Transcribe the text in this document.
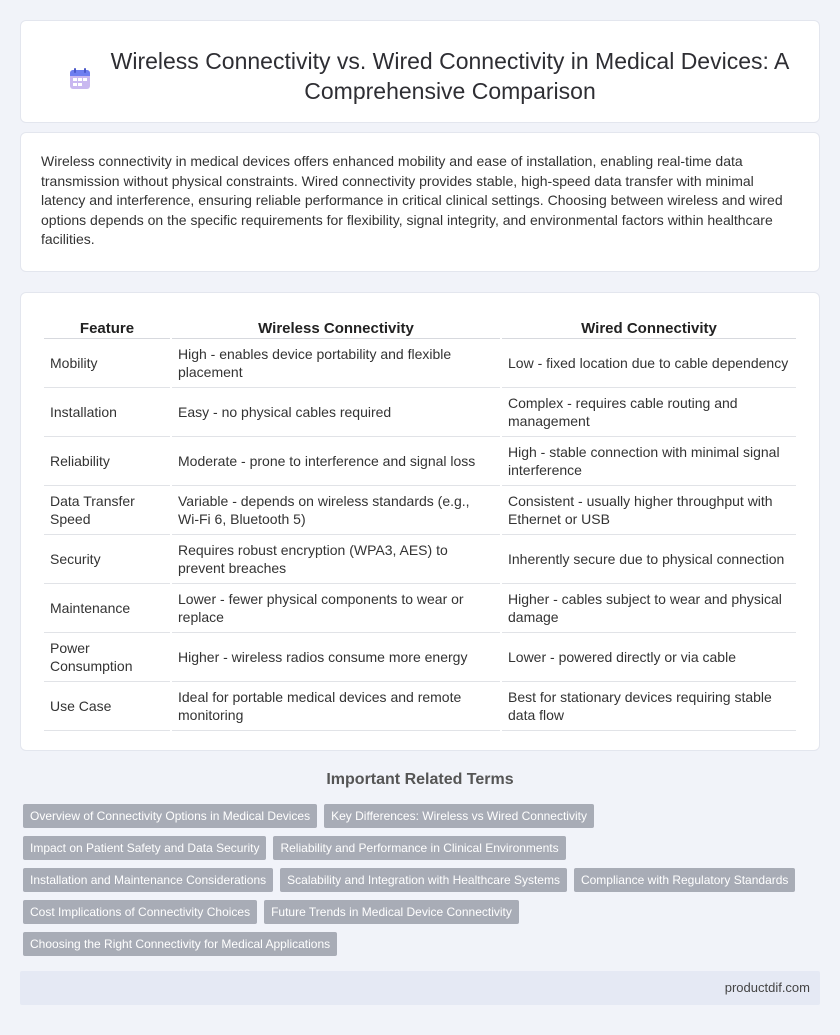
Wireless Connectivity vs. Wired Connectivity in Medical Devices: A Comprehensive Comparison

Wireless connectivity in medical devices offers enhanced mobility and ease of installation, enabling real-time data transmission without physical constraints. Wired connectivity provides stable, high-speed data transfer with minimal latency and interference, ensuring reliable performance in critical clinical settings. Choosing between wireless and wired options depends on the specific requirements for flexibility, signal integrity, and environmental factors within healthcare facilities.

Feature	Wireless Connectivity	Wired Connectivity
Mobility	High - enables device portability and flexible placement	Low - fixed location due to cable dependency
Installation	Easy - no physical cables required	Complex - requires cable routing and management
Reliability	Moderate - prone to interference and signal loss	High - stable connection with minimal signal interference
Data Transfer Speed	Variable - depends on wireless standards (e.g., Wi-Fi 6, Bluetooth 5)	Consistent - usually higher throughput with Ethernet or USB
Security	Requires robust encryption (WPA3, AES) to prevent breaches	Inherently secure due to physical connection
Maintenance	Lower - fewer physical components to wear or replace	Higher - cables subject to wear and physical damage
Power Consumption	Higher - wireless radios consume more energy	Lower - powered directly or via cable
Use Case	Ideal for portable medical devices and remote monitoring	Best for stationary devices requiring stable data flow
Important Related Terms
Overview of Connectivity Options in Medical Devices	Key Differences: Wireless vs Wired Connectivity
Impact on Patient Safety and Data Security	Reliability and Performance in Clinical Environments
Installation and Maintenance Considerations	Scalability and Integration with Healthcare Systems	Compliance with Regulatory Standards
Cost Implications of Connectivity Choices	Future Trends in Medical Device Connectivity
Choosing the Right Connectivity for Medical Applications
productdif.com
